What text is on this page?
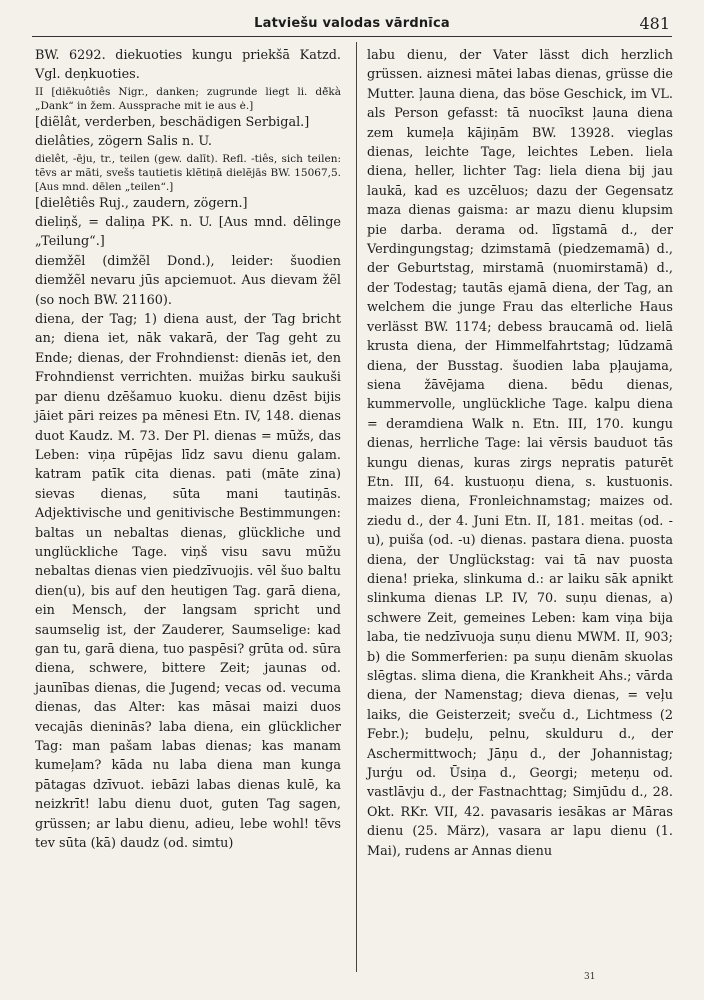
Latviešu valodas vārdnīca	481

BW. 6292. diekuoties kungu priekšā Katzd. Vgl. deņkuoties.

II [diēkuôtiês Nigr., danken; zugrunde liegt li. dė̃kà „Dank“ in žem. Aussprache mit ie aus ė.]

[diẽlât, verderben, beschädigen Serbigal.]

dielâties, zögern Salis n. U.

dielêt, -ēju, tr., teilen (gew. dalīt). Refl. -tiês, sich teilen: tẽvs ar mãti, svešs tautietis klẽtiņā dielẽjās BW. 15067,5. [Aus mnd. dēlen „teilen“.]

[dielêtiês Ruj., zaudern, zögern.]

dieliņš, = daliņa PK. n. U. [Aus mnd. dēlinge „Teilung“.]

diemžẽl (dimžẽl Dond.), leider: šuodien diemžẽl nevaru jūs apciemuot. Aus dievam žẽl (so noch BW. 21160).

diena, der Tag; 1) diena aust, der Tag bricht an; diena iet, nāk vakarā, der Tag geht zu Ende; dienas, der Frohndienst: dienās iet, den Frohndienst verrichten. muižas birku saukuši par dienu dzēšamuo kuoku. dienu dzēst bijis jāiet pāri reizes pa mēnesi Etn. IV, 148. dienas duot Kaudz. M. 73. Der Pl. dienas = mūžs, das Leben: viņa rūpējas līdz savu dienu galam. katram patīk cita dienas. pati (māte zina) sievas dienas, sūta mani tautiņās. Adjektivische und genitivische Bestimmungen: baltas un nebaltas dienas, glückliche und unglückliche Tage. viņš visu savu mūžu nebaltas dienas vien piedzīvuojis. vēl šuo baltu dien(u), bis auf den heutigen Tag. garā diena, ein Mensch, der langsam spricht und saumselig ist, der Zauderer, Saumselige: kad gan tu, garā diena, tuo paspēsi? grūta od. sūra diena, schwere, bittere Zeit; jaunas od. jaunības dienas, die Jugend; vecas od. vecuma dienas, das Alter: kas māsai maizi duos vecajās dieninās? laba diena, ein glücklicher Tag: man pašam labas dienas; kas manam kumeļam? kāda nu laba diena man kunga pātagas dzīvuot. iebāzi labas dienas kulē, ka neizkrīt! labu dienu duot, guten Tag sagen, grüssen; ar labu dienu, adieu, lebe wohl! tẽvs tev sūta (kā) daudz (od. simtu)

labu dienu, der Vater lässt dich herzlich grüssen. aiznesi mātei labas dienas, grüsse die Mutter. ļauna diena, das böse Geschick, im VL. als Person gefasst: tā nuocīkst ļauna diena zem kumeļa kājiņām BW. 13928. vieglas dienas, leichte Tage, leichtes Leben. liela diena, heller, lichter Tag: liela diena bij jau laukā, kad es uzcēluos; dazu der Gegensatz maza dienas gaisma: ar mazu dienu klupsim pie darba. derama od. līgstamā d., der Verdingungstag; dzimstamā (piedzemamā) d., der Geburtstag, mirstamā (nuomirstamā) d., der Todestag; tautās ejamā diena, der Tag, an welchem die junge Frau das elterliche Haus verlässt BW. 1174; debess braucamā od. lielā krusta diena, der Himmelfahrtstag; lūdzamā diena, der Busstag. šuodien laba pļaujama, siena žāvējama diena. bēdu dienas, kummervolle, unglückliche Tage. kalpu diena = deramdiena Walk n. Etn. III, 170. kungu dienas, herrliche Tage: lai vērsis bauduot tās kungu dienas, kuras zirgs nepratis paturēt Etn. III, 64. kustuoņu diena, s. kustuonis. maizes diena, Fronleichnamstag; maizes od. ziedu d., der 4. Juni Etn. II, 181. meitas (od. -u), puiša (od. -u) dienas. pastara diena. puosta diena, der Unglückstag: vai tā nav puosta diena! prieka, slinkuma d.: ar laiku sāk apnikt slinkuma dienas LP. IV, 70. suņu dienas, a) schwere Zeit, gemeines Leben: kam viņa bija laba, tie nedzīvuoja suņu dienu MWM. II, 903; b) die Sommerferien: pa suņu dienām skuolas slēgtas. slima diena, die Krankheit Ahs.; vārda diena, der Namenstag; dieva dienas, = veļu laiks, die Geisterzeit; sveču d., Lichtmess (2 Febr.); budeļu, pelnu, skulduru d., der Aschermittwoch; Jāņu d., der Johannistag; Jurģu od. Ūsiņa d., Georgi; meteņu od. vastlāvju d., der Fastnachttag; Simjūdu d., 28. Okt. RKr. VII, 42. pavasaris iesākas ar Māras dienu (25. März), vasara ar lapu dienu (1. Mai), rudens ar Annas dienu

31
